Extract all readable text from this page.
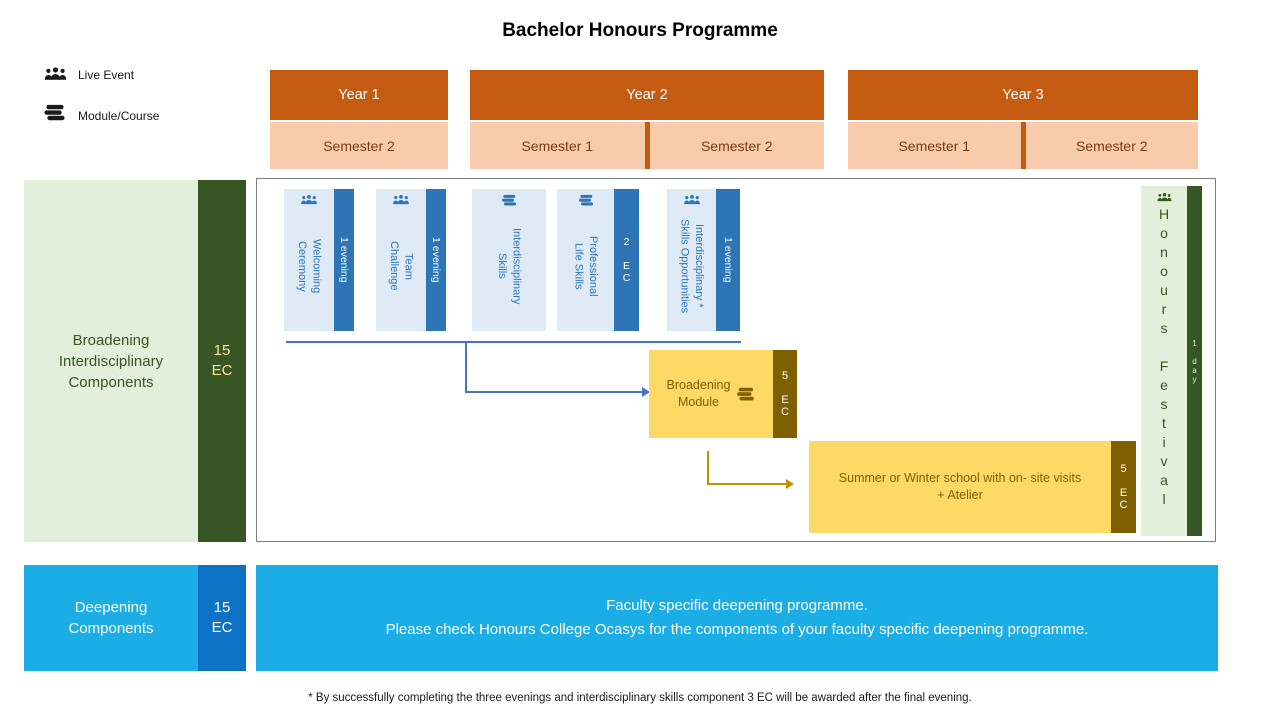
Bachelor Honours Programme
Live Event
Module/Course
Year 1
Semester 2
Year 2
Semester 1	Semester 2
Year 3
Semester 1	Semester 2
Broadening Interdisciplinary Components
15 EC
Welcoming
Ceremony	1 evening	Team
Challenge	1 evening	Interdisciplinary
Skills	Professional
Life Skills	2 EC	Interdisciplinary *
Skills Opportunities	1 evening
Broadening
Module	5 EC
Summer or Winter school with on- site visits
+ Atelier	5 EC	Honours Festival	1 day
Deepening Components
15 EC
Faculty specific deepening programme.
Please check Honours College Ocasys for the components of your faculty specific deepening programme.
* By successfully completing the three evenings and interdisciplinary skills component 3 EC will be awarded after the final evening.
